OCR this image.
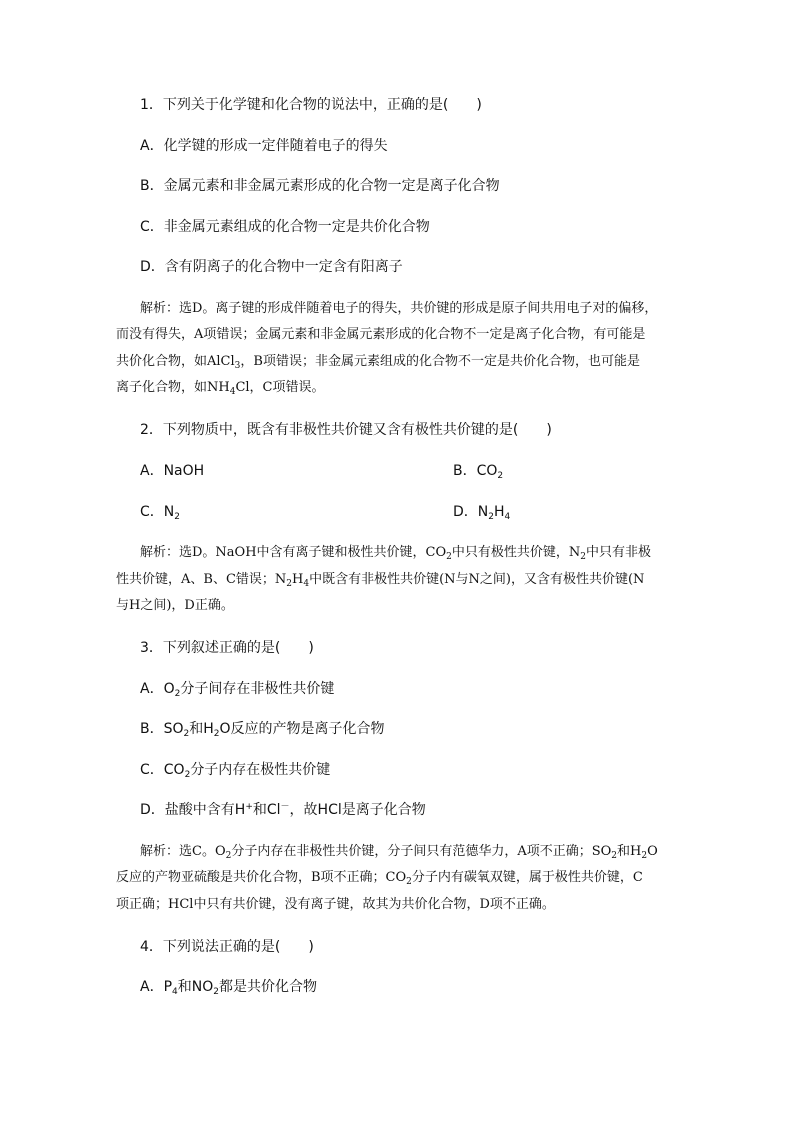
1．下列关于化学键和化合物的说法中，正确的是(　　)
A．化学键的形成一定伴随着电子的得失
B．金属元素和非金属元素形成的化合物一定是离子化合物
C．非金属元素组成的化合物一定是共价化合物
D．含有阴离子的化合物中一定含有阳离子
解析：选D。离子键的形成伴随着电子的得失，共价键的形成是原子间共用电子对的偏移，
而没有得失，A项错误；金属元素和非金属元素形成的化合物不一定是离子化合物，有可能是
共价化合物，如AlCl$_3$，B项错误；非金属元素组成的化合物不一定是共价化合物，也可能是
离子化合物，如$NH_4Cl$，C项错误。
2．下列物质中，既含有非极性共价键又含有极性共价键的是(　　)
A．NaOH	B．$CO_2$
C．$N_2$	D．$N_2H_4$
解析：选D。NaOH中含有离子键和极性共价键，$CO_2$中只有极性共价键，$N_2$中只有非极
性共价键，A、B、C错误；$N_2H_4$中既含有非极性共价键(N与N之间)，又含有极性共价键(N
与H之间)，D正确。
3．下列叙述正确的是(　　)
A．$O_2$分子间存在非极性共价键
B．$SO_2$和$H_2O$反应的产物是离子化合物
C．$CO_2$分子内存在极性共价键
D．盐酸中含有H+和Cl－，故HCl是离子化合物
解析：选C。$O_2$分子内存在非极性共价键，分子间只有范德华力，A项不正确；$SO_2$和$H_2O$
反应的产物亚硫酸是共价化合物，B项不正确；$CO_2$分子内有碳氧双键，属于极性共价键，C
项正确；HCl中只有共价键，没有离子键，故其为共价化合物，D项不正确。
4．下列说法正确的是(　　)
A．$P_4$和$NO_2$都是共价化合物
